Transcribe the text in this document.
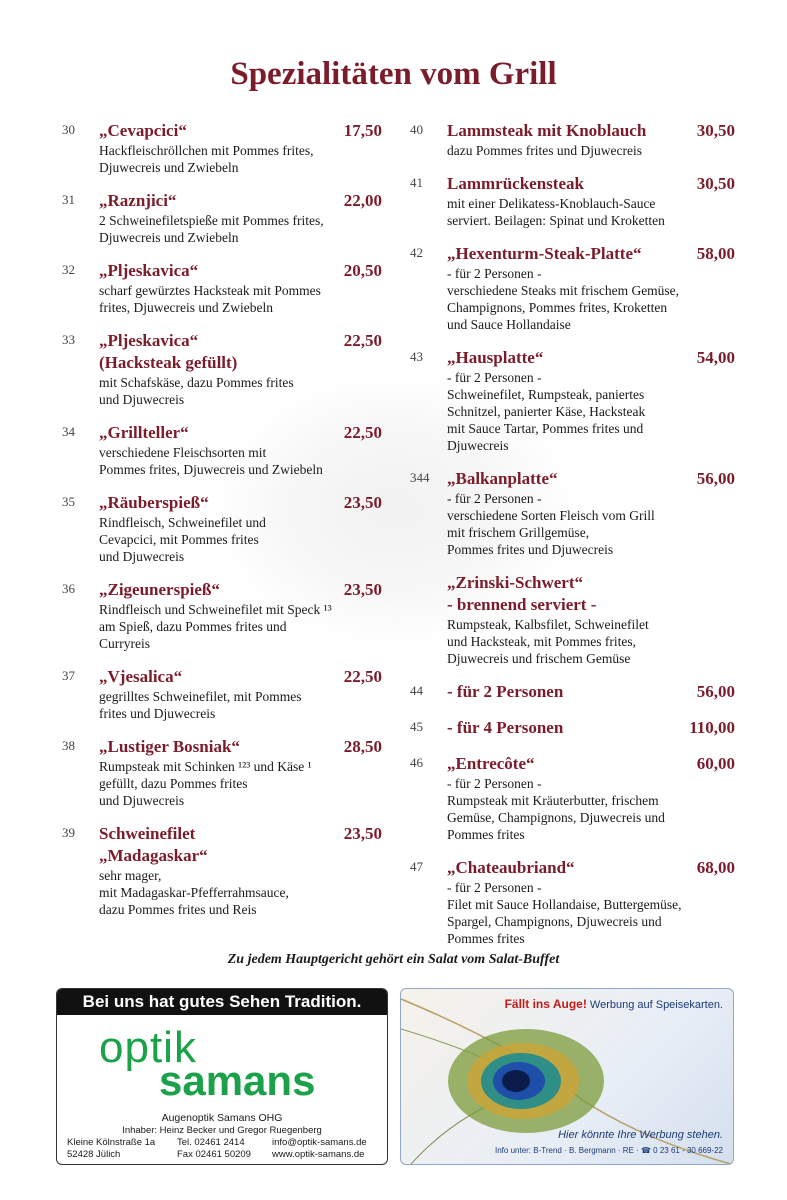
Spezialitäten vom Grill
30	„Cevapcici“	17,50
Hackfleischröllchen mit Pommes frites,
Djuwecreis und Zwiebeln
31	„Raznjici“	22,00
2 Schweinefiletspieße mit Pommes frites,
Djuwecreis und Zwiebeln
32	„Pljeskavica“	20,50
scharf gewürztes Hacksteak mit Pommes
frites, Djuwecreis und Zwiebeln
33	„Pljeskavica“	22,50
(Hacksteak gefüllt)
mit Schafskäse, dazu Pommes frites
und Djuwecreis
34	„Grillteller“	22,50
verschiedene Fleischsorten mit
Pommes frites, Djuwecreis und Zwiebeln
35	„Räuberspieß“	23,50
Rindfleisch, Schweinefilet und
Cevapcici, mit Pommes frites
und Djuwecreis
36	„Zigeunerspieß“	23,50
Rindfleisch und Schweinefilet mit Speck ¹³
am Spieß, dazu Pommes frites und
Curryreis
37	„Vjesalica“	22,50
gegrilltes Schweinefilet, mit Pommes
frites und Djuwecreis
38	„Lustiger Bosniak“	28,50
Rumpsteak mit Schinken ¹²³ und Käse ¹
gefüllt, dazu Pommes frites
und Djuwecreis
39	Schweinefilet	23,50
„Madagaskar“
sehr mager,
mit Madagaskar-Pfefferrahmsauce,
dazu Pommes frites und Reis
40	Lammsteak mit Knoblauch	30,50
dazu Pommes frites und Djuwecreis
41	Lammrückensteak	30,50
mit einer Delikatess-Knoblauch-Sauce
serviert. Beilagen: Spinat und Kroketten
42	„Hexenturm-Steak-Platte“	58,00
- für 2 Personen -
verschiedene Steaks mit frischem Gemüse,
Champignons, Pommes frites, Kroketten
und Sauce Hollandaise
43	„Hausplatte“	54,00
- für 2 Personen -
Schweinefilet, Rumpsteak, paniertes
Schnitzel, panierter Käse, Hacksteak
mit Sauce Tartar, Pommes frites und
Djuwecreis
344	„Balkanplatte“	56,00
- für 2 Personen -
verschiedene Sorten Fleisch vom Grill
mit frischem Grillgemüse,
Pommes frites und Djuwecreis
„Zrinski-Schwert“
- brennend serviert -
Rumpsteak, Kalbsfilet, Schweinefilet
und Hacksteak, mit Pommes frites,
Djuwecreis und frischem Gemüse
44	- für 2 Personen	56,00
45	- für 4 Personen	110,00
46	„Entrecôte“	60,00
- für 2 Personen -
Rumpsteak mit Kräuterbutter, frischem
Gemüse, Champignons, Djuwecreis und
Pommes frites
47	„Chateaubriand“	68,00
- für 2 Personen -
Filet mit Sauce Hollandaise, Buttergemüse,
Spargel, Champignons, Djuwecreis und
Pommes frites
Zu jedem Hauptgericht gehört ein Salat vom Salat-Buffet
Bei uns hat gutes Sehen Tradition.
optik
samans
Augenoptik Samans OHG
Inhaber: Heinz Becker und Gregor Ruegenberg
Kleine Kölnstraße 1a
52428 Jülich
Tel. 02461 2414
Fax 02461 50209
info@optik-samans.de
www.optik-samans.de
Fällt ins Auge! Werbung auf Speisekarten.
Hier könnte Ihre Werbung stehen.
Info unter: B-Trend · B. Bergmann · RE · ☎ 0 23 61 - 30 669-22
